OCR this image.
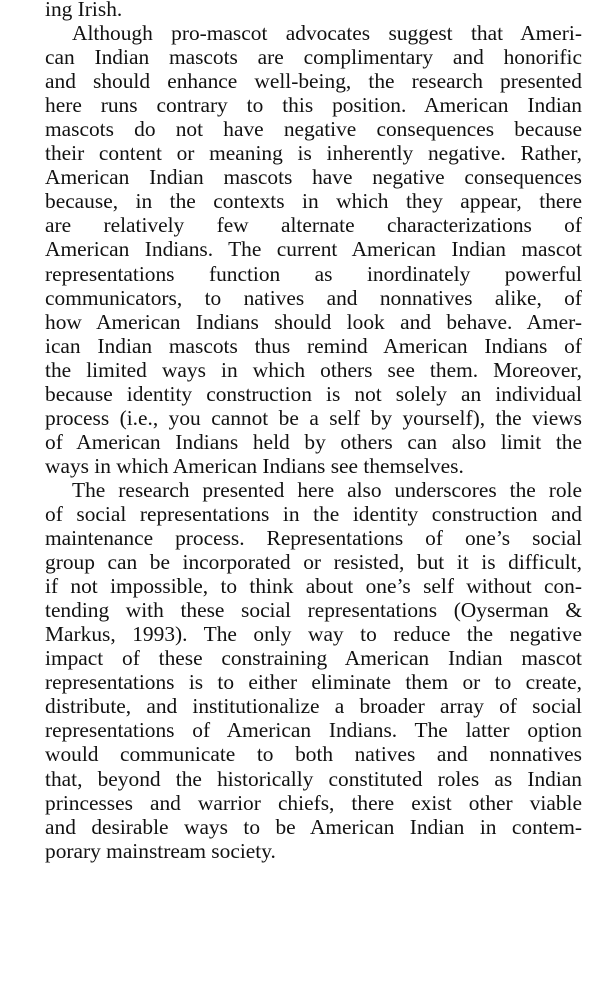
ing Irish.
Although pro-mascot advocates suggest that Ameri-
can Indian mascots are complimentary and honorific
and should enhance well-being, the research presented
here runs contrary to this position. American Indian
mascots do not have negative consequences because
their content or meaning is inherently negative. Rather,
American Indian mascots have negative consequences
because, in the contexts in which they appear, there
are relatively few alternate characterizations of
American Indians. The current American Indian mascot
representations function as inordinately powerful
communicators, to natives and nonnatives alike, of
how American Indians should look and behave. Amer-
ican Indian mascots thus remind American Indians of
the limited ways in which others see them. Moreover,
because identity construction is not solely an individual
process (i.e., you cannot be a self by yourself), the views
of American Indians held by others can also limit the
ways in which American Indians see themselves.
The research presented here also underscores the role
of social representations in the identity construction and
maintenance process. Representations of one’s social
group can be incorporated or resisted, but it is difficult,
if not impossible, to think about one’s self without con-
tending with these social representations (Oyserman &
Markus, 1993). The only way to reduce the negative
impact of these constraining American Indian mascot
representations is to either eliminate them or to create,
distribute, and institutionalize a broader array of social
representations of American Indians. The latter option
would communicate to both natives and nonnatives
that, beyond the historically constituted roles as Indian
princesses and warrior chiefs, there exist other viable
and desirable ways to be American Indian in contem-
porary mainstream society.
